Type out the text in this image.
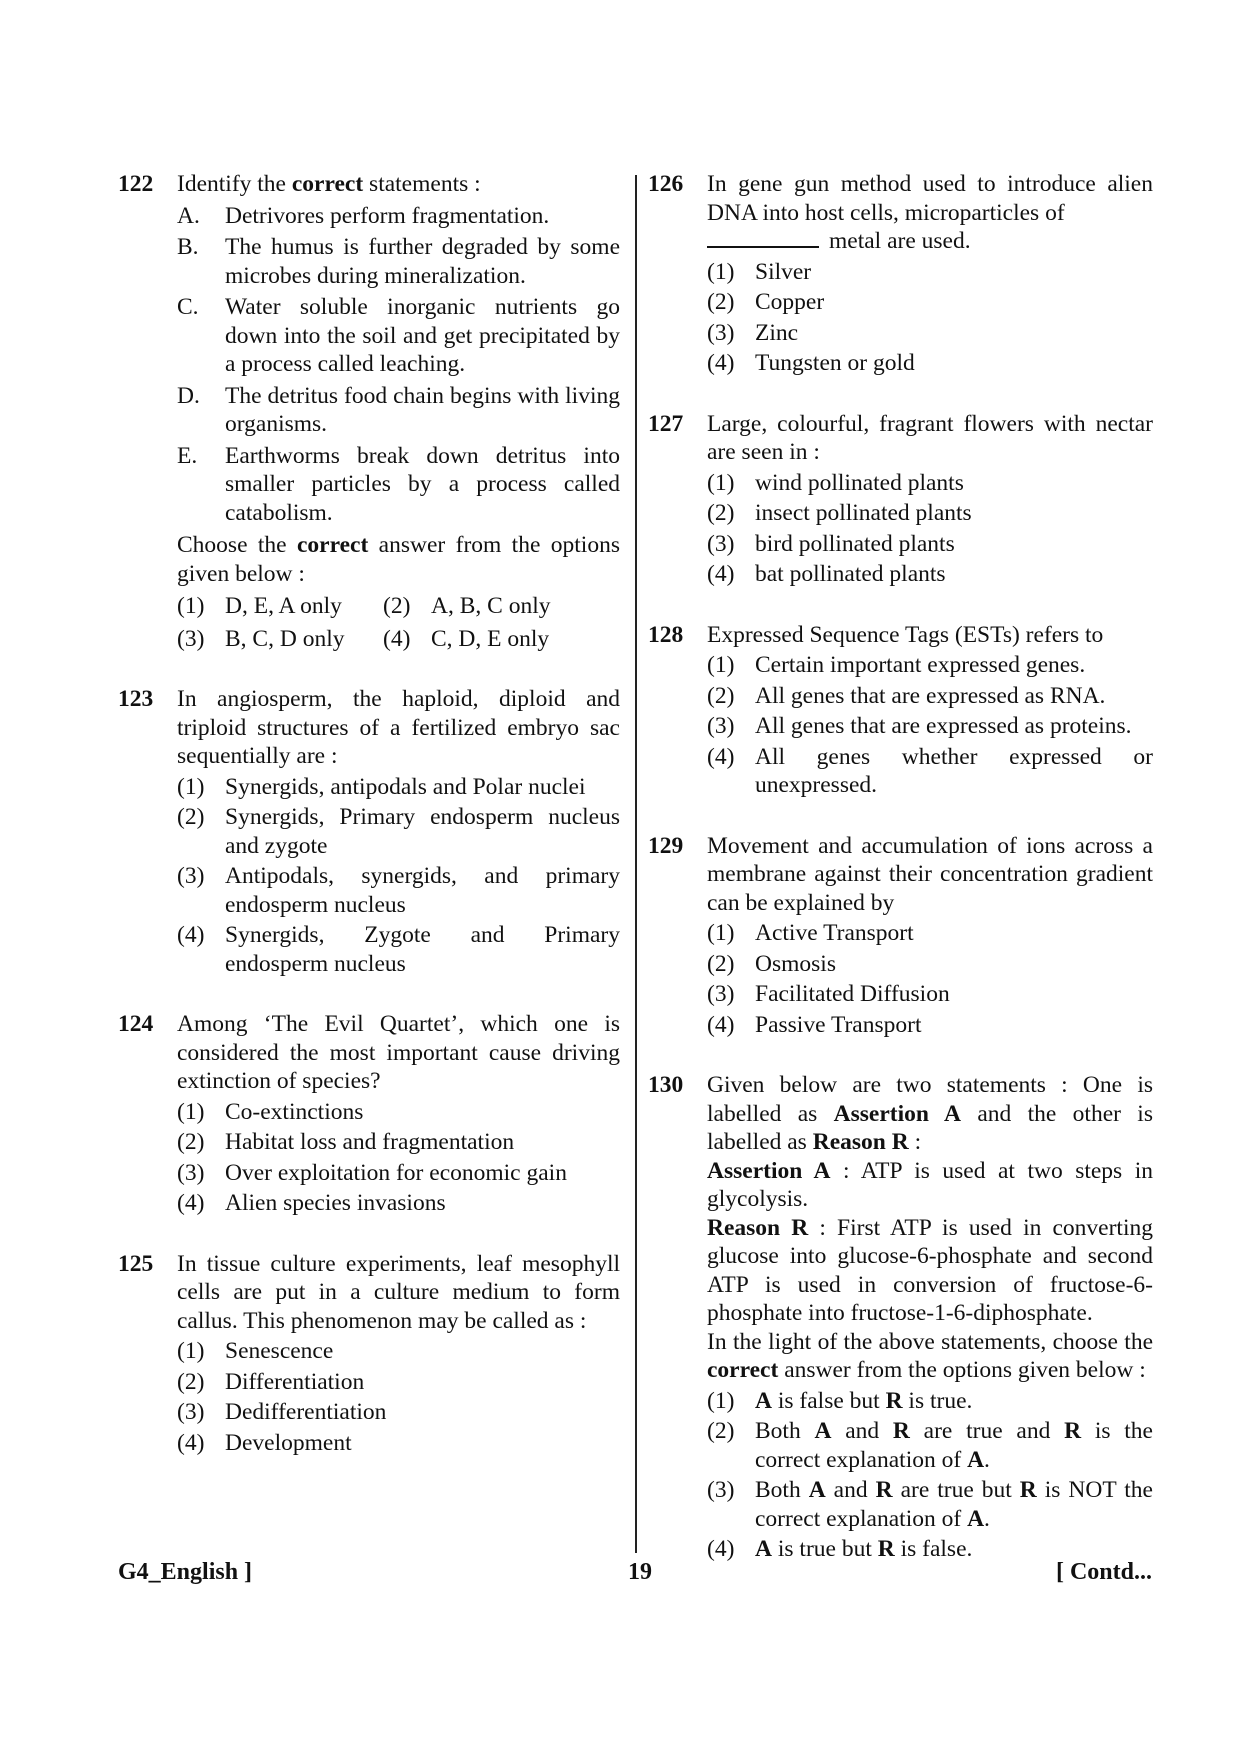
122 Identify the correct statements :
A. Detrivores perform fragmentation.
B. The humus is further degraded by some microbes during mineralization.
C. Water soluble inorganic nutrients go down into the soil and get precipitated by a process called leaching.
D. The detritus food chain begins with living organisms.
E. Earthworms break down detritus into smaller particles by a process called catabolism.
Choose the correct answer from the options given below :
(1) D, E, A only	(2) A, B, C only
(3) B, C, D only	(4) C, D, E only
123 In angiosperm, the haploid, diploid and triploid structures of a fertilized embryo sac sequentially are :
(1) Synergids, antipodals and Polar nuclei
(2) Synergids, Primary endosperm nucleus and zygote
(3) Antipodals, synergids, and primary endosperm nucleus
(4) Synergids, Zygote and Primary endosperm nucleus
124 Among ‘The Evil Quartet’, which one is considered the most important cause driving extinction of species?
(1) Co-extinctions
(2) Habitat loss and fragmentation
(3) Over exploitation for economic gain
(4) Alien species invasions
125 In tissue culture experiments, leaf mesophyll cells are put in a culture medium to form callus. This phenomenon may be called as :
(1) Senescence
(2) Differentiation
(3) Dedifferentiation
(4) Development
126 In gene gun method used to introduce alien DNA into host cells, microparticles of
metal are used.
(1) Silver
(2) Copper
(3) Zinc
(4) Tungsten or gold
127 Large, colourful, fragrant flowers with nectar are seen in :
(1) wind pollinated plants
(2) insect pollinated plants
(3) bird pollinated plants
(4) bat pollinated plants
128 Expressed Sequence Tags (ESTs) refers to
(1) Certain important expressed genes.
(2) All genes that are expressed as RNA.
(3) All genes that are expressed as proteins.
(4) All genes whether expressed or unexpressed.
129 Movement and accumulation of ions across a membrane against their concentration gradient can be explained by
(1) Active Transport
(2) Osmosis
(3) Facilitated Diffusion
(4) Passive Transport
130 Given below are two statements : One is labelled as Assertion A and the other is labelled as Reason R :
Assertion A : ATP is used at two steps in glycolysis.
Reason R : First ATP is used in converting glucose into glucose-6-phosphate and second ATP is used in conversion of fructose-6-phosphate into fructose-1-6-diphosphate.
In the light of the above statements, choose the correct answer from the options given below :
(1) A is false but R is true.
(2) Both A and R are true and R is the correct explanation of A.
(3) Both A and R are true but R is NOT the correct explanation of A.
(4) A is true but R is false.
G4_English ]	19	[ Contd...
